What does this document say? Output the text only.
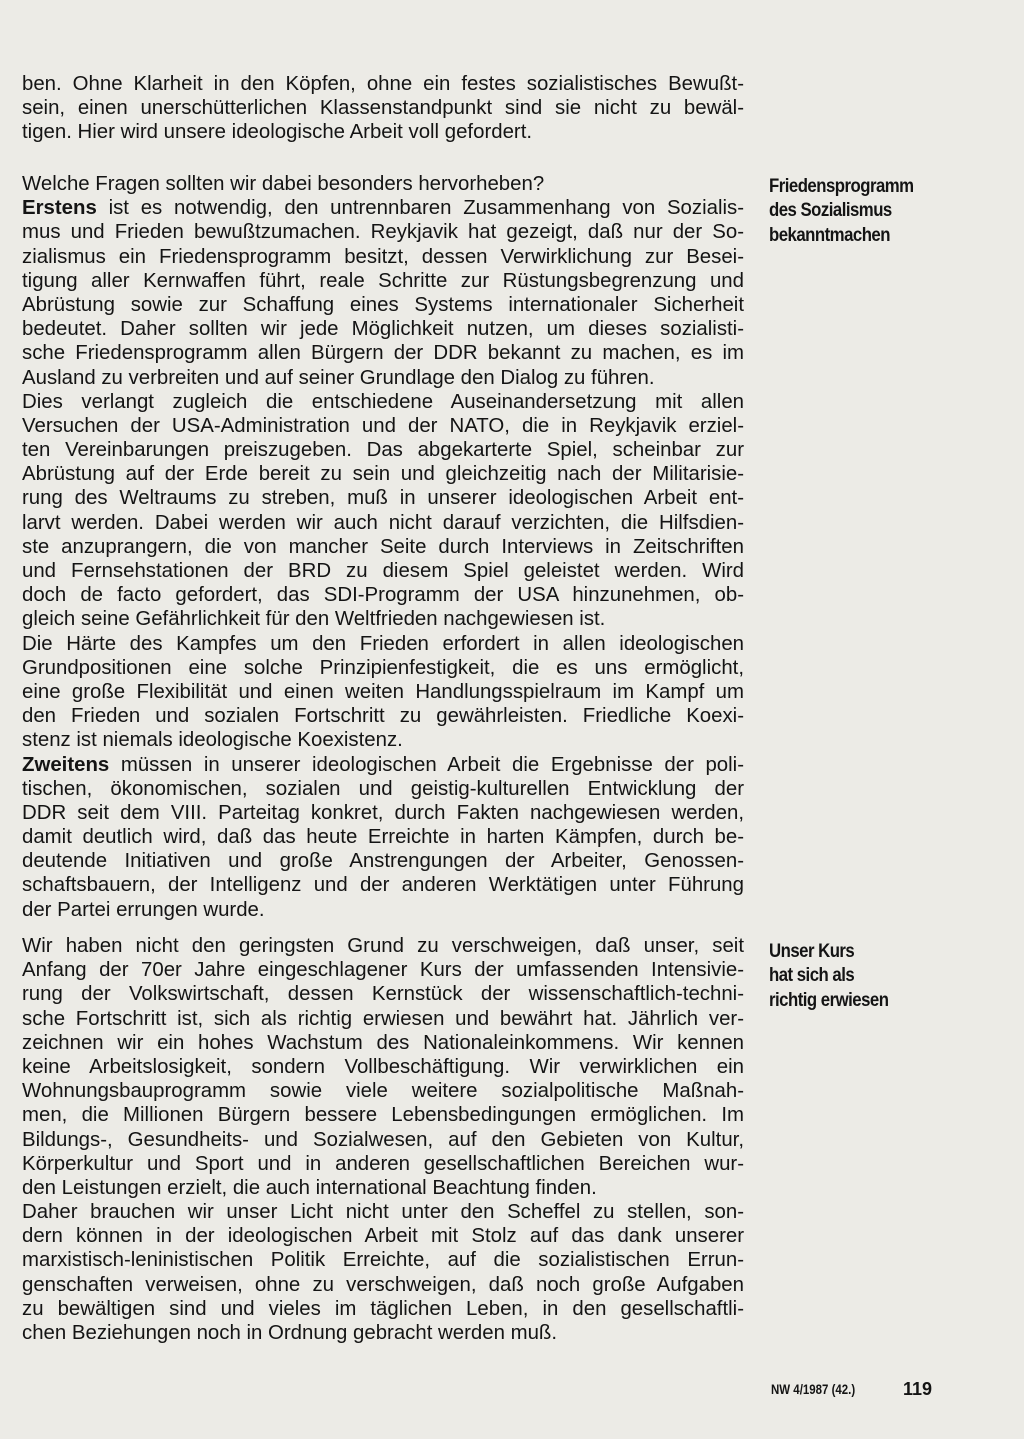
ben. Ohne Klarheit in den Köpfen, ohne ein festes sozialistisches Bewußt-
sein, einen unerschütterlichen Klassenstandpunkt sind sie nicht zu bewäl-
tigen. Hier wird unsere ideologische Arbeit voll gefordert.
Welche Fragen sollten wir dabei besonders hervorheben?
Erstens ist es notwendig, den untrennbaren Zusammenhang von Sozialis-
mus und Frieden bewußtzumachen. Reykjavik hat gezeigt, daß nur der So-
zialismus ein Friedensprogramm besitzt, dessen Verwirklichung zur Besei-
tigung aller Kernwaffen führt, reale Schritte zur Rüstungsbegrenzung und
Abrüstung sowie zur Schaffung eines Systems internationaler Sicherheit
bedeutet. Daher sollten wir jede Möglichkeit nutzen, um dieses sozialisti-
sche Friedensprogramm allen Bürgern der DDR bekannt zu machen, es im
Ausland zu verbreiten und auf seiner Grundlage den Dialog zu führen.
Dies verlangt zugleich die entschiedene Auseinandersetzung mit allen
Versuchen der USA-Administration und der NATO, die in Reykjavik erziel-
ten Vereinbarungen preiszugeben. Das abgekarterte Spiel, scheinbar zur
Abrüstung auf der Erde bereit zu sein und gleichzeitig nach der Militarisie-
rung des Weltraums zu streben, muß in unserer ideologischen Arbeit ent-
larvt werden. Dabei werden wir auch nicht darauf verzichten, die Hilfsdien-
ste anzuprangern, die von mancher Seite durch Interviews in Zeitschriften
und Fernsehstationen der BRD zu diesem Spiel geleistet werden. Wird
doch de facto gefordert, das SDI-Programm der USA hinzunehmen, ob-
gleich seine Gefährlichkeit für den Weltfrieden nachgewiesen ist.
Die Härte des Kampfes um den Frieden erfordert in allen ideologischen
Grundpositionen eine solche Prinzipienfestigkeit, die es uns ermöglicht,
eine große Flexibilität und einen weiten Handlungsspielraum im Kampf um
den Frieden und sozialen Fortschritt zu gewährleisten. Friedliche Koexi-
stenz ist niemals ideologische Koexistenz.
Zweitens müssen in unserer ideologischen Arbeit die Ergebnisse der poli-
tischen, ökonomischen, sozialen und geistig-kulturellen Entwicklung der
DDR seit dem VIII. Parteitag konkret, durch Fakten nachgewiesen werden,
damit deutlich wird, daß das heute Erreichte in harten Kämpfen, durch be-
deutende Initiativen und große Anstrengungen der Arbeiter, Genossen-
schaftsbauern, der Intelligenz und der anderen Werktätigen unter Führung
der Partei errungen wurde.
Wir haben nicht den geringsten Grund zu verschweigen, daß unser, seit
Anfang der 70er Jahre eingeschlagener Kurs der umfassenden Intensivie-
rung der Volkswirtschaft, dessen Kernstück der wissenschaftlich-techni-
sche Fortschritt ist, sich als richtig erwiesen und bewährt hat. Jährlich ver-
zeichnen wir ein hohes Wachstum des Nationaleinkommens. Wir kennen
keine Arbeitslosigkeit, sondern Vollbeschäftigung. Wir verwirklichen ein
Wohnungsbauprogramm sowie viele weitere sozialpolitische Maßnah-
men, die Millionen Bürgern bessere Lebensbedingungen ermöglichen. Im
Bildungs-, Gesundheits- und Sozialwesen, auf den Gebieten von Kultur,
Körperkultur und Sport und in anderen gesellschaftlichen Bereichen wur-
den Leistungen erzielt, die auch international Beachtung finden.
Daher brauchen wir unser Licht nicht unter den Scheffel zu stellen, son-
dern können in der ideologischen Arbeit mit Stolz auf das dank unserer
marxistisch-leninistischen Politik Erreichte, auf die sozialistischen Errun-
genschaften verweisen, ohne zu verschweigen, daß noch große Aufgaben
zu bewältigen sind und vieles im täglichen Leben, in den gesellschaftli-
chen Beziehungen noch in Ordnung gebracht werden muß.
Friedensprogramm
des Sozialismus
bekanntmachen
Unser Kurs
hat sich als
richtig erwiesen
NW 4/1987 (42.)	119
